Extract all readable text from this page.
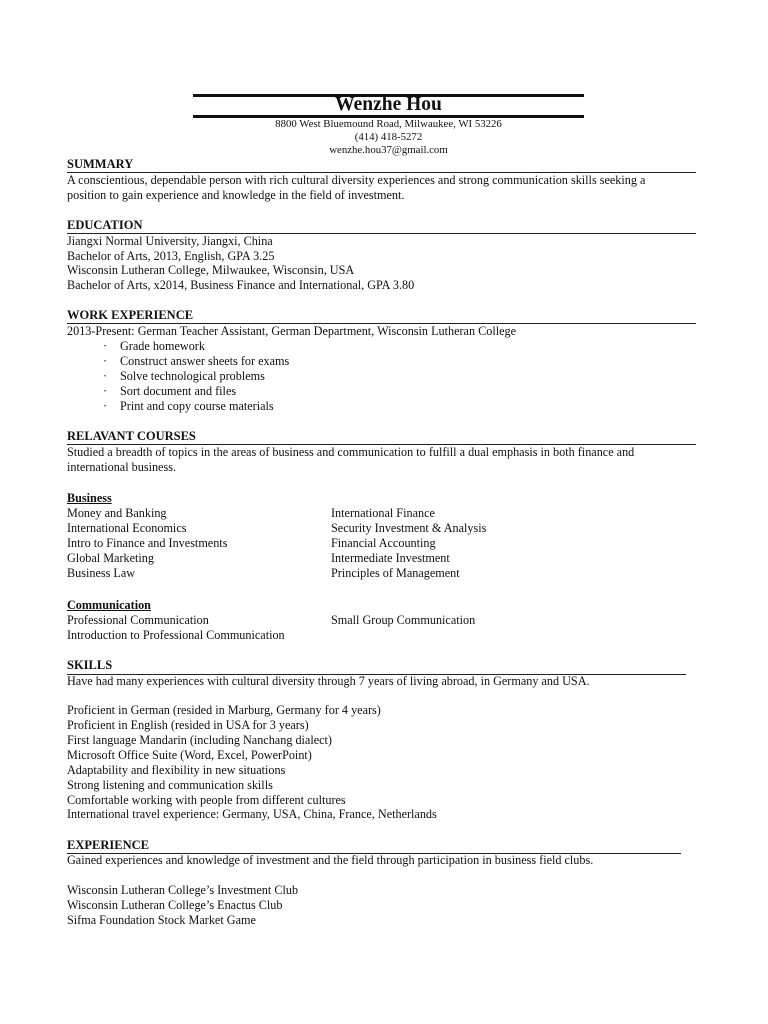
Wenzhe Hou
8800 West Bluemound Road, Milwaukee, WI 53226
(414) 418-5272
wenzhe.hou37@gmail.com
SUMMARY
A conscientious, dependable person with rich cultural diversity experiences and strong communication skills seeking a
position to gain experience and knowledge in the field of investment.
EDUCATION
Jiangxi Normal University, Jiangxi, China
Bachelor of Arts, 2013, English, GPA 3.25
Wisconsin Lutheran College, Milwaukee, Wisconsin, USA
Bachelor of Arts, x2014, Business Finance and International, GPA 3.80
WORK EXPERIENCE
2013-Present: German Teacher Assistant, German Department, Wisconsin Lutheran College
· Grade homework
· Construct answer sheets for exams
· Solve technological problems
· Sort document and files
· Print and copy course materials
RELAVANT COURSES
Studied a breadth of topics in the areas of business and communication to fulfill a dual emphasis in both finance and
international business.
Business
Money and Banking
International Economics
Intro to Finance and Investments
Global Marketing
Business Law
International Finance
Security Investment & Analysis
Financial Accounting
Intermediate Investment
Principles of Management
Communication
Professional Communication
Introduction to Professional Communication
Small Group Communication
SKILLS
Have had many experiences with cultural diversity through 7 years of living abroad, in Germany and USA.
Proficient in German (resided in Marburg, Germany for 4 years)
Proficient in English (resided in USA for 3 years)
First language Mandarin (including Nanchang dialect)
Microsoft Office Suite (Word, Excel, PowerPoint)
Adaptability and flexibility in new situations
Strong listening and communication skills
Comfortable working with people from different cultures
International travel experience: Germany, USA, China, France, Netherlands
EXPERIENCE
Gained experiences and knowledge of investment and the field through participation in business field clubs.
Wisconsin Lutheran College’s Investment Club
Wisconsin Lutheran College’s Enactus Club
Sifma Foundation Stock Market Game
